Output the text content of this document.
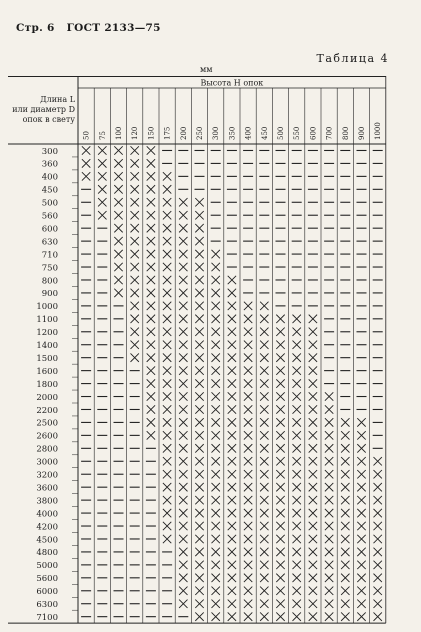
Стр. 6 ГОСТ 2133—75
Таблица 4
мм
Длина L
или диаметр D
опок в свету
Высота H опок
50 75 100 120 150 175 200 250 300 350 400 450 500 550 600 700 800 900 1000
300
360
400
450
500
560
600
630
710
750
800
900
1000
1100
1200
1400
1500
1600
1800
2000
2200
2500
2600
2800
3000
3200
3600
3800
4000
4200
4500
4800
5000
5600
6000
6300
7100
